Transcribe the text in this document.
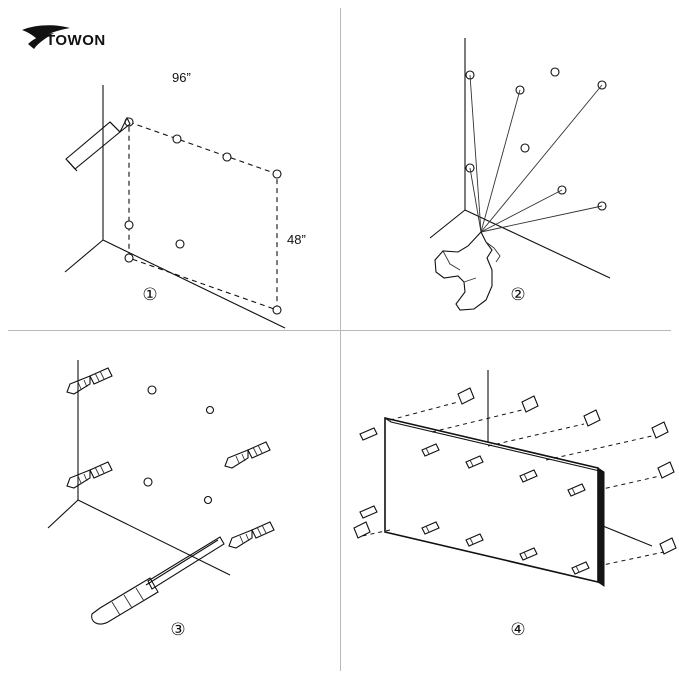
TOWON
96”
48”
①	②
③	④
